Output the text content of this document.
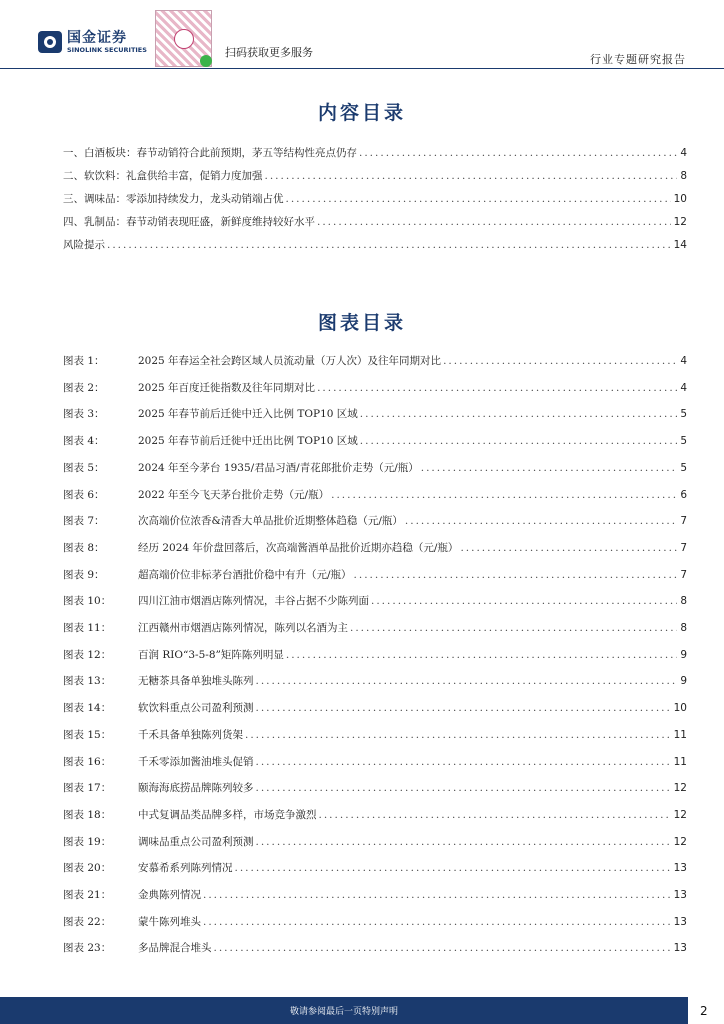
国金证券
SINOLINK SECURITIES	扫码获取更多服务
行业专题研究报告
内容目录
一、白酒板块：春节动销符合此前预期，茅五等结构性亮点仍存 .....	4
二、软饮料：礼盒供给丰富，促销力度加强 .....	8
三、调味品：零添加持续发力，龙头动销端占优 .....	10
四、乳制品：春节动销表现旺盛，新鲜度维持较好水平 .....	12
风险提示 .....	14
图表目录
图表 1：	2025 年春运全社会跨区域人员流动量（万人次）及往年同期对比 .....	4
图表 2：	2025 年百度迁徙指数及往年同期对比 .....	4
图表 3：	2025 年春节前后迁徙中迁入比例 TOP10 区域 .....	5
图表 4：	2025 年春节前后迁徙中迁出比例 TOP10 区域 .....	5
图表 5：	2024 年至今茅台 1935/君品习酒/青花郎批价走势（元/瓶） .....	5
图表 6：	2022 年至今飞天茅台批价走势（元/瓶） .....	6
图表 7：	次高端价位浓香&清香大单品批价近期整体趋稳（元/瓶） .....	7
图表 8：	经历 2024 年价盘回落后，次高端酱酒单品批价近期亦趋稳（元/瓶） .....	7
图表 9：	超高端价位非标茅台酒批价稳中有升（元/瓶） .....	7
图表 10：	四川江油市烟酒店陈列情况，丰谷占据不少陈列面 .....	8
图表 11：	江西赣州市烟酒店陈列情况，陈列以名酒为主 .....	8
图表 12：	百润 RIO“3-5-8”矩阵陈列明显 .....	9
图表 13：	无糖茶具备单独堆头陈列 .....	9
图表 14：	软饮料重点公司盈利预测 .....	10
图表 15：	千禾具备单独陈列货架 .....	11
图表 16：	千禾零添加酱油堆头促销 .....	11
图表 17：	颐海海底捞品牌陈列较多 .....	12
图表 18：	中式复调品类品牌多样，市场竞争激烈 .....	12
图表 19：	调味品重点公司盈利预测 .....	12
图表 20：	安慕希系列陈列情况 .....	13
图表 21：	金典陈列情况 .....	13
图表 22：	蒙牛陈列堆头 .....	13
图表 23：	多品牌混合堆头 .....	13
敬请参阅最后一页特别声明	2
